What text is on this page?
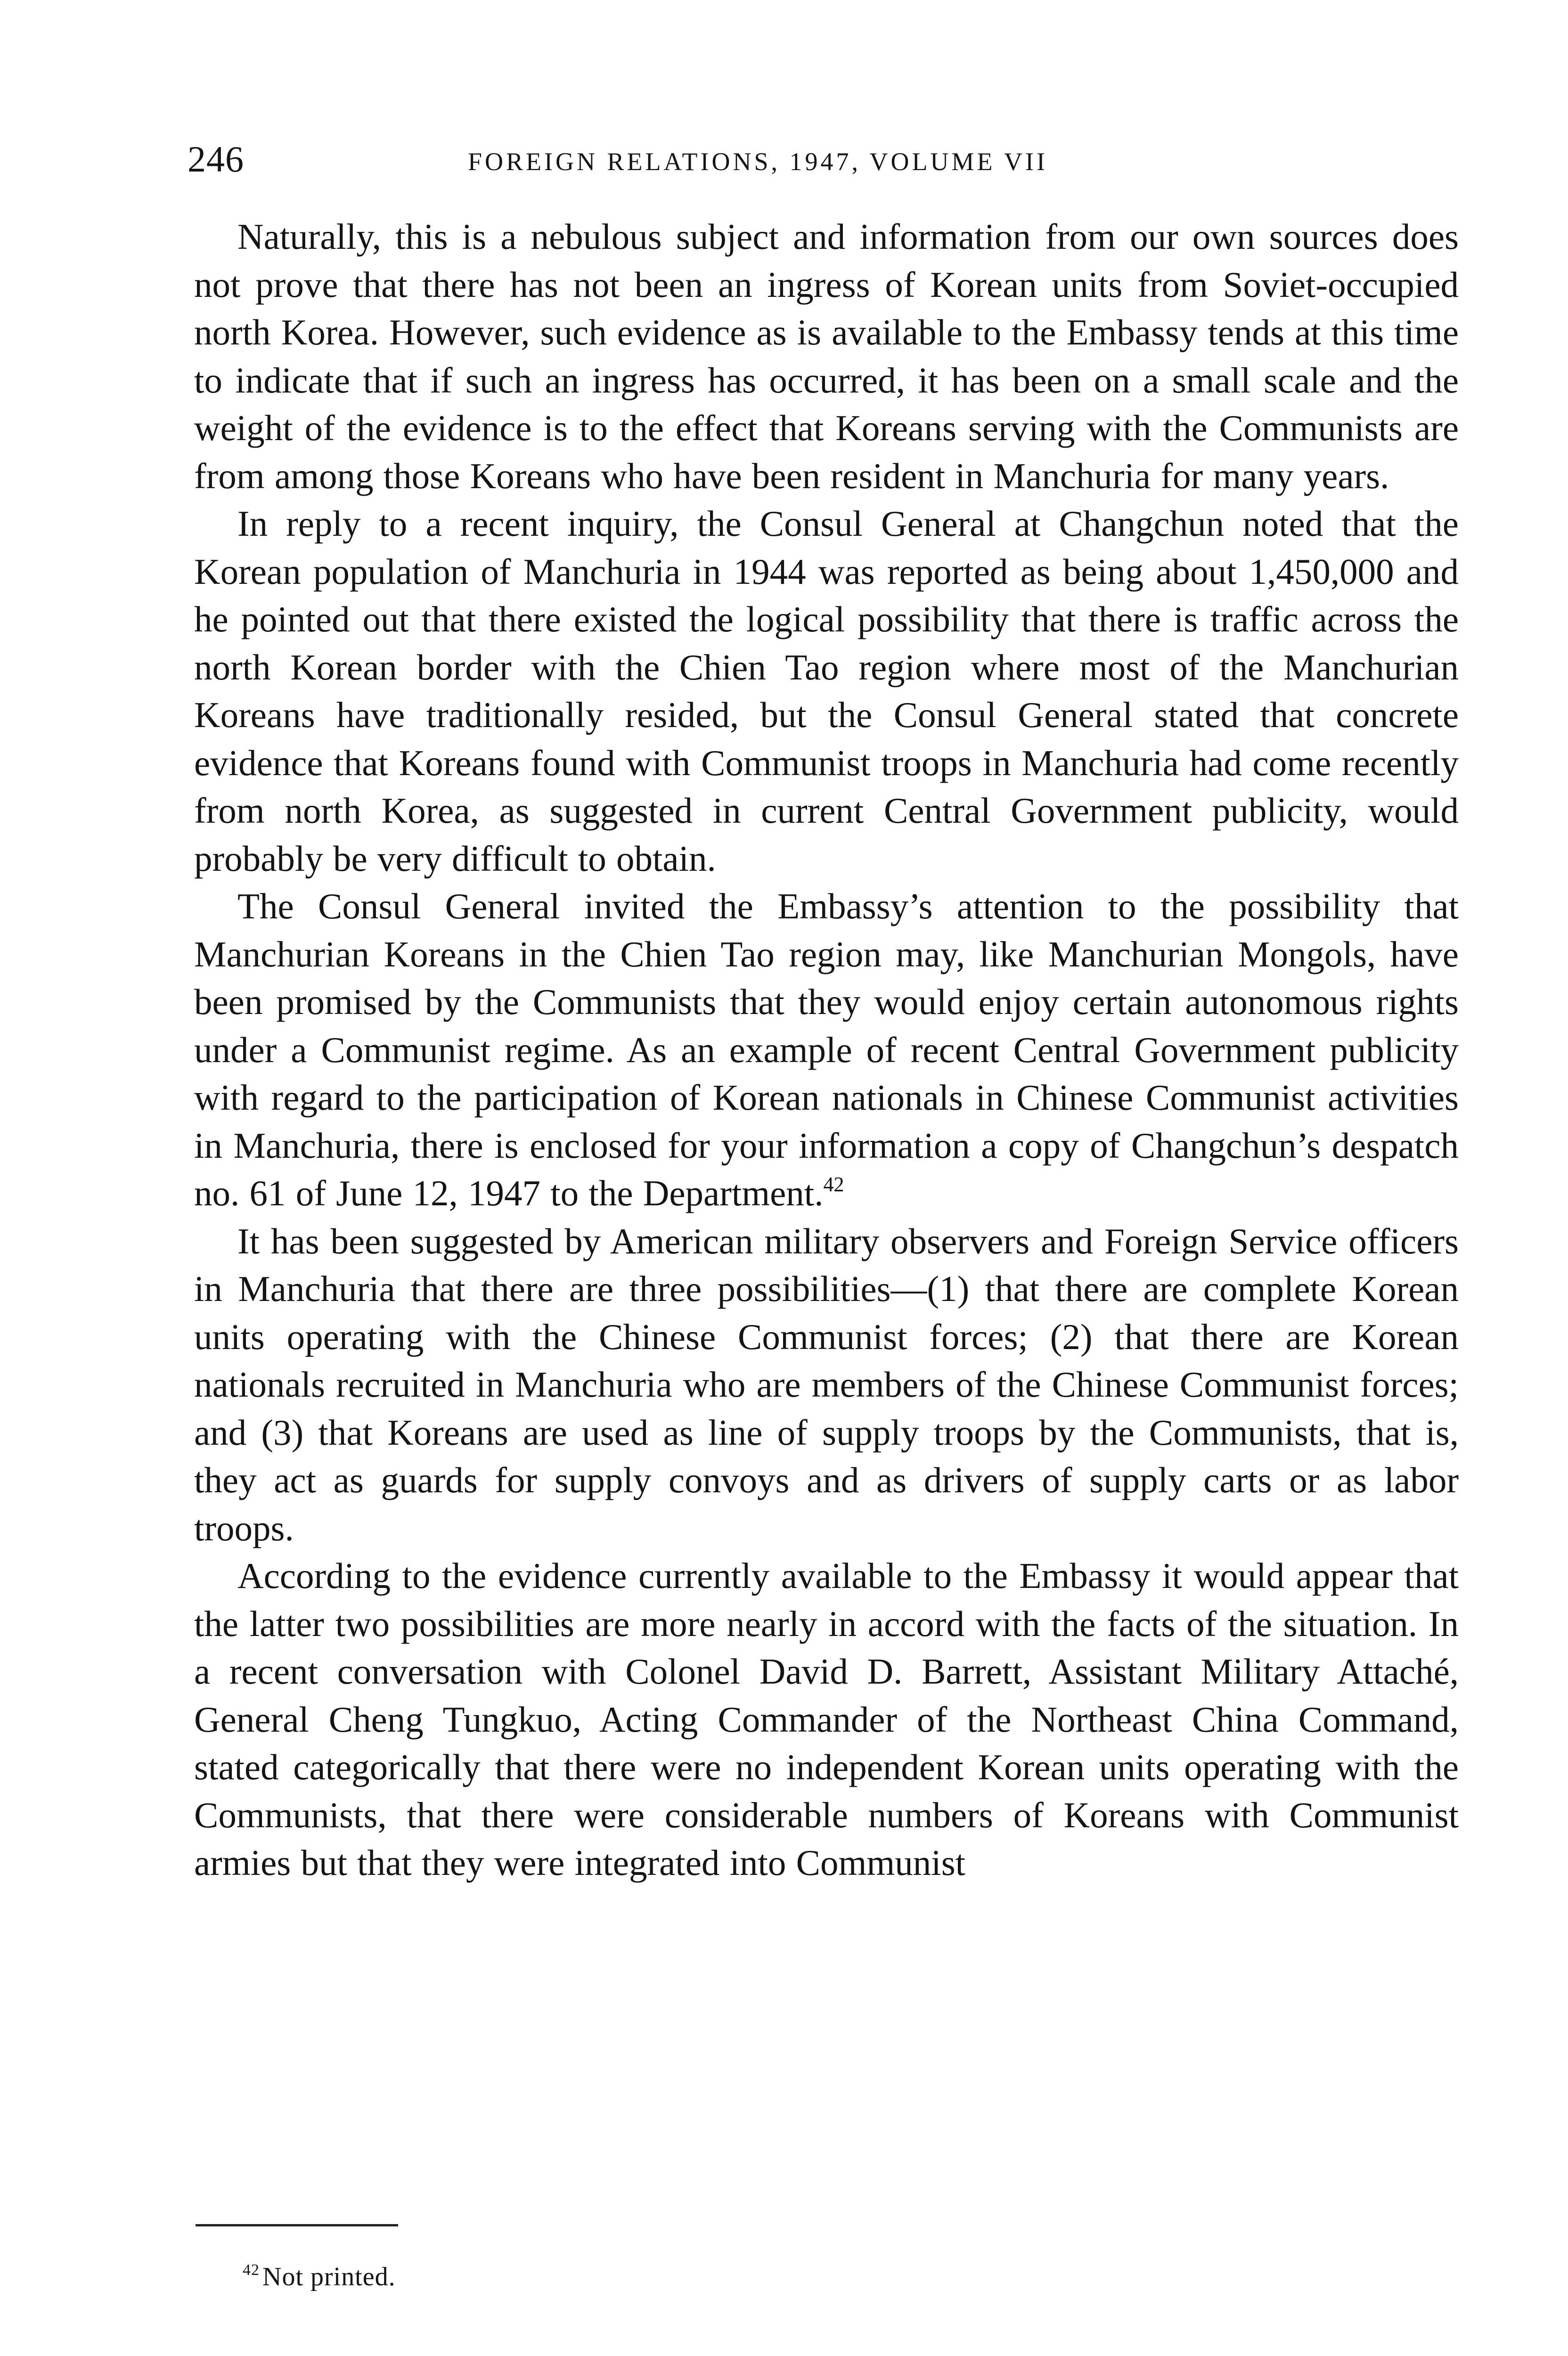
246	FOREIGN RELATIONS, 1947, VOLUME VII

Naturally, this is a nebulous subject and information from our own sources does not prove that there has not been an ingress of Korean units from Soviet-occupied north Korea. However, such evidence as is available to the Embassy tends at this time to indicate that if such an ingress has occurred, it has been on a small scale and the weight of the evidence is to the effect that Koreans serving with the Communists are from among those Koreans who have been resident in Manchuria for many years.

In reply to a recent inquiry, the Consul General at Changchun noted that the Korean population of Manchuria in 1944 was reported as being about 1,450,000 and he pointed out that there existed the logical possibility that there is traffic across the north Korean border with the Chien Tao region where most of the Manchurian Koreans have traditionally resided, but the Consul General stated that concrete evidence that Koreans found with Communist troops in Manchuria had come recently from north Korea, as suggested in current Central Government publicity, would probably be very difficult to obtain.

The Consul General invited the Embassy’s attention to the possibility that Manchurian Koreans in the Chien Tao region may, like Manchurian Mongols, have been promised by the Communists that they would enjoy certain autonomous rights under a Communist regime. As an example of recent Central Government publicity with regard to the participation of Korean nationals in Chinese Communist activities in Manchuria, there is enclosed for your information a copy of Changchun’s despatch no. 61 of June 12, 1947 to the Department.$^{42}$

It has been suggested by American military observers and Foreign Service officers in Manchuria that there are three possibilities—(1) that there are complete Korean units operating with the Chinese Communist forces; (2) that there are Korean nationals recruited in Manchuria who are members of the Chinese Communist forces; and (3) that Koreans are used as line of supply troops by the Communists, that is, they act as guards for supply convoys and as drivers of supply carts or as labor troops.

According to the evidence currently available to the Embassy it would appear that the latter two possibilities are more nearly in accord with the facts of the situation. In a recent conversation with Colonel David D. Barrett, Assistant Military Attaché, General Cheng Tungkuo, Acting Commander of the Northeast China Command, stated categorically that there were no independent Korean units operating with the Communists, that there were considerable numbers of Koreans with Communist armies but that they were integrated into Communist

$^{42}$ Not printed.
